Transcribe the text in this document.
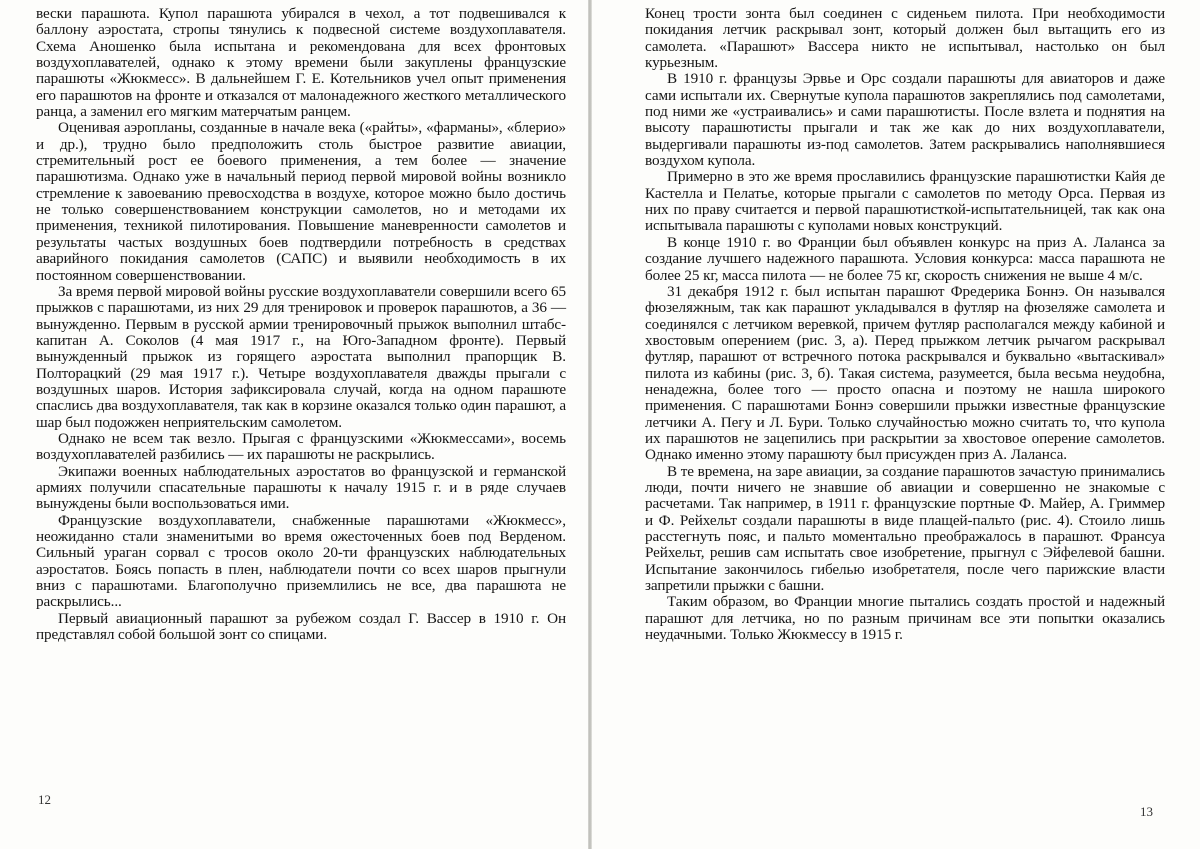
вески парашюта. Купол парашюта убирался в чехол, а тот подвешивался к баллону аэростата, стропы тянулись к подвесной системе воздухоплавателя. Схема Аношенко была испытана и рекомендована для всех фронтовых воздухоплавателей, однако к этому времени были закуплены французские парашюты «Жюкмесс». В дальнейшем Г. Е. Котельников учел опыт применения его парашютов на фронте и отказался от малонадежного жесткого металлического ранца, а заменил его мягким матерчатым ранцем.

Оценивая аэропланы, созданные в начале века («райты», «фарманы», «блерио» и др.), трудно было предположить столь быстрое развитие авиации, стремительный рост ее боевого применения, а тем более — значение парашютизма. Однако уже в начальный период первой мировой войны возникло стремление к завоеванию превосходства в воздухе, которое можно было достичь не только совершенствованием конструкции самолетов, но и методами их применения, техникой пилотирования. Повышение маневренности самолетов и результаты частых воздушных боев подтвердили потребность в средствах аварийного покидания самолетов (САПС) и выявили необходимость в их постоянном совершенствовании.

За время первой мировой войны русские воздухоплаватели совершили всего 65 прыжков с парашютами, из них 29 для тренировок и проверок парашютов, а 36 — вынужденно. Первым в русской армии тренировочный прыжок выполнил штабс-капитан А. Соколов (4 мая 1917 г., на Юго-Западном фронте). Первый вынужденный прыжок из горящего аэростата выполнил прапорщик В. Полторацкий (29 мая 1917 г.). Четыре воздухоплавателя дважды прыгали с воздушных шаров. История зафиксировала случай, когда на одном парашюте спаслись два воздухоплавателя, так как в корзине оказался только один парашют, а шар был подожжен неприятельским самолетом.

Однако не всем так везло. Прыгая с французскими «Жюкмессами», восемь воздухоплавателей разбились — их парашюты не раскрылись.

Экипажи военных наблюдательных аэростатов во французской и германской армиях получили спасательные парашюты к началу 1915 г. и в ряде случаев вынуждены были воспользоваться ими.

Французские воздухоплаватели, снабженные парашютами «Жюкмесс», неожиданно стали знаменитыми во время ожесточенных боев под Верденом. Сильный ураган сорвал с тросов около 20-ти французских наблюдательных аэростатов. Боясь попасть в плен, наблюдатели почти со всех шаров прыгнули вниз с парашютами. Благополучно приземлились не все, два парашюта не раскрылись...

Первый авиационный парашют за рубежом создал Г. Вассер в 1910 г. Он представлял собой большой зонт со спицами.

12

Конец трости зонта был соединен с сиденьем пилота. При необходимости покидания летчик раскрывал зонт, который должен был вытащить его из самолета. «Парашют» Вассера никто не испытывал, настолько он был курьезным.

В 1910 г. французы Эрвье и Орс создали парашюты для авиаторов и даже сами испытали их. Свернутые купола парашютов закреплялись под самолетами, под ними же «устраивались» и сами парашютисты. После взлета и поднятия на высоту парашютисты прыгали и так же как до них воздухоплаватели, выдергивали парашюты из-под самолетов. Затем раскрывались наполнявшиеся воздухом купола.

Примерно в это же время прославились французские парашютистки Кайя де Кастелла и Пелатье, которые прыгали с самолетов по методу Орса. Первая из них по праву считается и первой парашютисткой-испытательницей, так как она испытывала парашюты с куполами новых конструкций.

В конце 1910 г. во Франции был объявлен конкурс на приз А. Лаланса за создание лучшего надежного парашюта. Условия конкурса: масса парашюта не более 25 кг, масса пилота — не более 75 кг, скорость снижения не выше 4 м/с.

31 декабря 1912 г. был испытан парашют Фредерика Боннэ. Он назывался фюзеляжным, так как парашют укладывался в футляр на фюзеляже самолета и соединялся с летчиком веревкой, причем футляр располагался между кабиной и хвостовым оперением (рис. 3, а). Перед прыжком летчик рычагом раскрывал футляр, парашют от встречного потока раскрывался и буквально «вытаскивал» пилота из кабины (рис. 3, б). Такая система, разумеется, была весьма неудобна, ненадежна, более того — просто опасна и поэтому не нашла широкого применения. С парашютами Боннэ совершили прыжки известные французские летчики А. Пегу и Л. Бури. Только случайностью можно считать то, что купола их парашютов не зацепились при раскрытии за хвостовое оперение самолетов. Однако именно этому парашюту был присужден приз А. Лаланса.

В те времена, на заре авиации, за создание парашютов зачастую принимались люди, почти ничего не знавшие об авиации и совершенно не знакомые с расчетами. Так например, в 1911 г. французские портные Ф. Майер, А. Гриммер и Ф. Рейхельт создали парашюты в виде плащей-пальто (рис. 4). Стоило лишь расстегнуть пояс, и пальто моментально преображалось в парашют. Франсуа Рейхельт, решив сам испытать свое изобретение, прыгнул с Эйфелевой башни. Испытание закончилось гибелью изобретателя, после чего парижские власти запретили прыжки с башни.

Таким образом, во Франции многие пытались создать простой и надежный парашют для летчика, но по разным причинам все эти попытки оказались неудачными. Только Жюкмессу в 1915 г.

13
